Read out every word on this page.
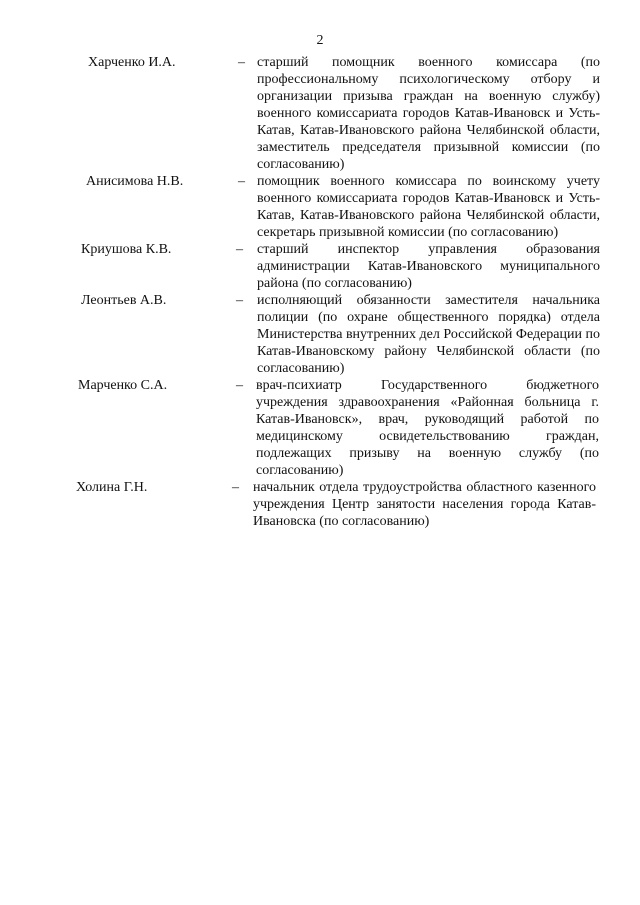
2
Харченко И.А.	– старший помощник военного комиссара (по профессиональному психологическому отбору и организации призыва граждан на военную службу) военного комиссариата городов Катав-Ивановск и Усть-Катав, Катав-Ивановского района Челябинской области, заместитель председателя призывной комиссии (по согласованию)
Анисимова Н.В.	– помощник военного комиссара по воинскому учету военного комиссариата городов Катав-Ивановск и Усть-Катав, Катав-Ивановского района Челябинской области, секретарь призывной комиссии (по согласованию)
Криушова К.В.	– старший инспектор управления образования администрации Катав-Ивановского муниципального района (по согласованию)
Леонтьев А.В.	– исполняющий обязанности заместителя начальника полиции (по охране общественного порядка) отдела Министерства внутренних дел Российской Федерации по Катав-Ивановскому району Челябинской области (по согласованию)
Марченко С.А.	– врач-психиатр Государственного бюджетного учреждения здравоохранения «Районная больница г. Катав-Ивановск», врач, руководящий работой по медицинскому освидетельствованию граждан, подлежащих призыву на военную службу (по согласованию)
Холина Г.Н.	– начальник отдела трудоустройства областного казенного учреждения Центр занятости населения города Катав-Ивановска (по согласованию)
